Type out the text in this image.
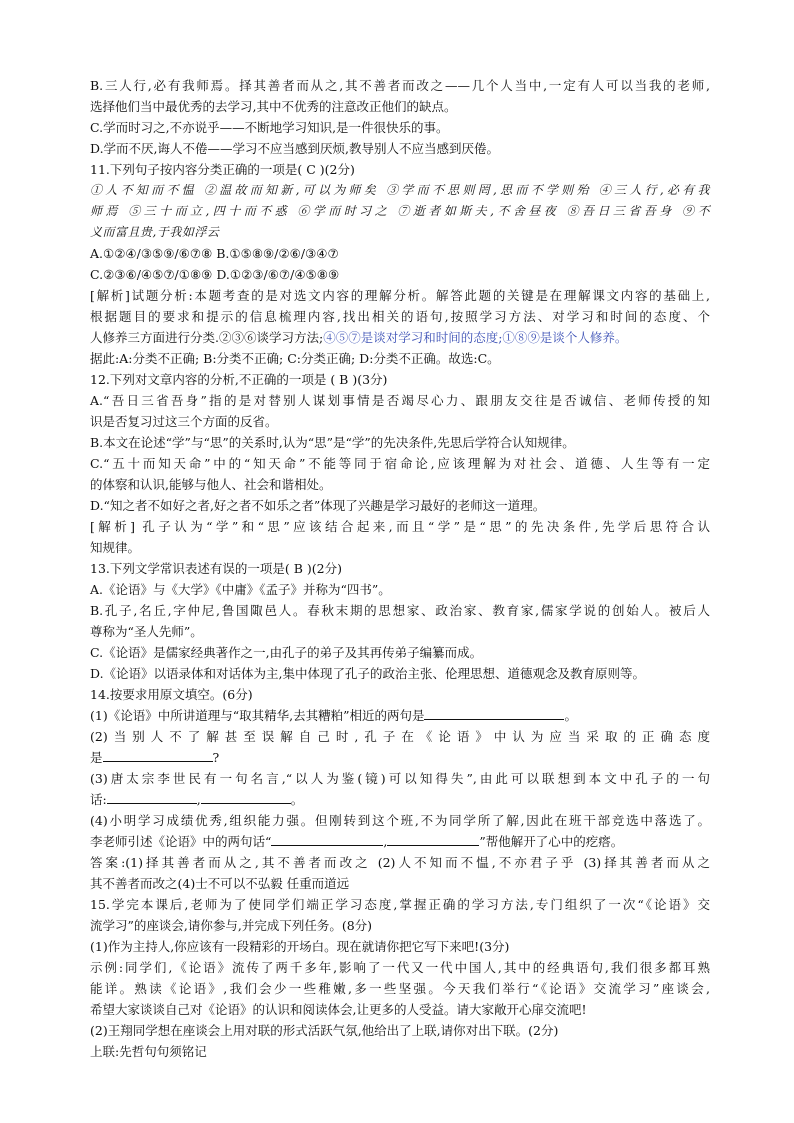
B.三人行,必有我师焉。择其善者而从之,其不善者而改之——几个人当中,一定有人可以当我的老师,

选择他们当中最优秀的去学习,其中不优秀的注意改正他们的缺点。

C.学而时习之,不亦说乎——不断地学习知识,是一件很快乐的事。

D.学而不厌,诲人不倦——学习不应当感到厌烦,教导别人不应当感到厌倦。

11.下列句子按内容分类正确的一项是( C )(2分)

①人不知而不愠 ②温故而知新,可以为师矣 ③学而不思则罔,思而不学则殆 ④三人行,必有我

师焉 ⑤三十而立,四十而不惑 ⑥学而时习之 ⑦逝者如斯夫,不舍昼夜 ⑧吾日三省吾身 ⑨不

义而富且贵,于我如浮云

A.①②④/③⑤⑨/⑥⑦⑧ B.①⑤⑧⑨/②⑥/③④⑦

C.②③⑥/④⑤⑦/①⑧⑨ D.①②③/⑥⑦/④⑤⑧⑨

[解析]试题分析:本题考查的是对选文内容的理解分析。解答此题的关键是在理解课文内容的基础上,

根据题目的要求和提示的信息梳理内容,找出相关的语句,按照学习方法、对学习和时间的态度、个

人修养三方面进行分类.②③⑥谈学习方法;④⑤⑦是谈对学习和时间的态度;①⑧⑨是谈个人修养。

据此:A:分类不正确; B:分类不正确; C:分类正确; D:分类不正确。故选:C。

12.下列对文章内容的分析,不正确的一项是 ( B )(3分)

A.“吾日三省吾身”指的是对替别人谋划事情是否竭尽心力、跟朋友交往是否诚信、老师传授的知

识是否复习过这三个方面的反省。

B.本文在论述“学”与“思”的关系时,认为“思”是“学”的先决条件,先思后学符合认知规律。

C.“五十而知天命”中的“知天命”不能等同于宿命论,应该理解为对社会、道德、人生等有一定

的体察和认识,能够与他人、社会和谐相处。

D.“知之者不如好之者,好之者不如乐之者”体现了兴趣是学习最好的老师这一道理。

[解析] 孔子认为“学”和“思”应该结合起来,而且“学”是“思”的先决条件,先学后思符合认

知规律。

13.下列文学常识表述有误的一项是( B )(2分)

A.《论语》与《大学》《中庸》《孟子》并称为“四书”。

B.孔子,名丘,字仲尼,鲁国陬邑人。春秋末期的思想家、政治家、教育家,儒家学说的创始人。被后人

尊称为“圣人先师”。

C.《论语》是儒家经典著作之一,由孔子的弟子及其再传弟子编纂而成。

D.《论语》以语录体和对话体为主,集中体现了孔子的政治主张、伦理思想、道德观念及教育原则等。

14.按要求用原文填空。(6分)

(1)《论语》中所讲道理与“取其精华,去其糟粕”相近的两句是	。

(2)当别人不了解甚至误解自己时,孔子在《论语》中认为应当采取的正确态度

是	?

(3)唐太宗李世民有一句名言,“以人为鉴(镜)可以知得失”,由此可以联想到本文中孔子的一句

话:	,	。

(4)小明学习成绩优秀,组织能力强。但刚转到这个班,不为同学所了解,因此在班干部竞选中落选了。

李老师引述《论语》中的两句话“	,	”帮他解开了心中的疙瘩。

答案:(1)择其善者而从之,其不善者而改之 (2)人不知而不愠,不亦君子乎 (3)择其善者而从之

其不善者而改之(4)士不可以不弘毅 任重而道远

15.学完本课后,老师为了使同学们端正学习态度,掌握正确的学习方法,专门组织了一次“《论语》交

流学习”的座谈会,请你参与,并完成下列任务。(8分)

(1)作为主持人,你应该有一段精彩的开场白。现在就请你把它写下来吧!(3分)

示例:同学们,《论语》流传了两千多年,影响了一代又一代中国人,其中的经典语句,我们很多都耳熟

能详。熟读《论语》,我们会少一些稚嫩,多一些坚强。今天我们举行“《论语》交流学习”座谈会,

希望大家谈谈自己对《论语》的认识和阅读体会,让更多的人受益。请大家敞开心扉交流吧!

(2)王翔同学想在座谈会上用对联的形式活跃气氛,他给出了上联,请你对出下联。(2分)

上联:先哲句句须铭记
